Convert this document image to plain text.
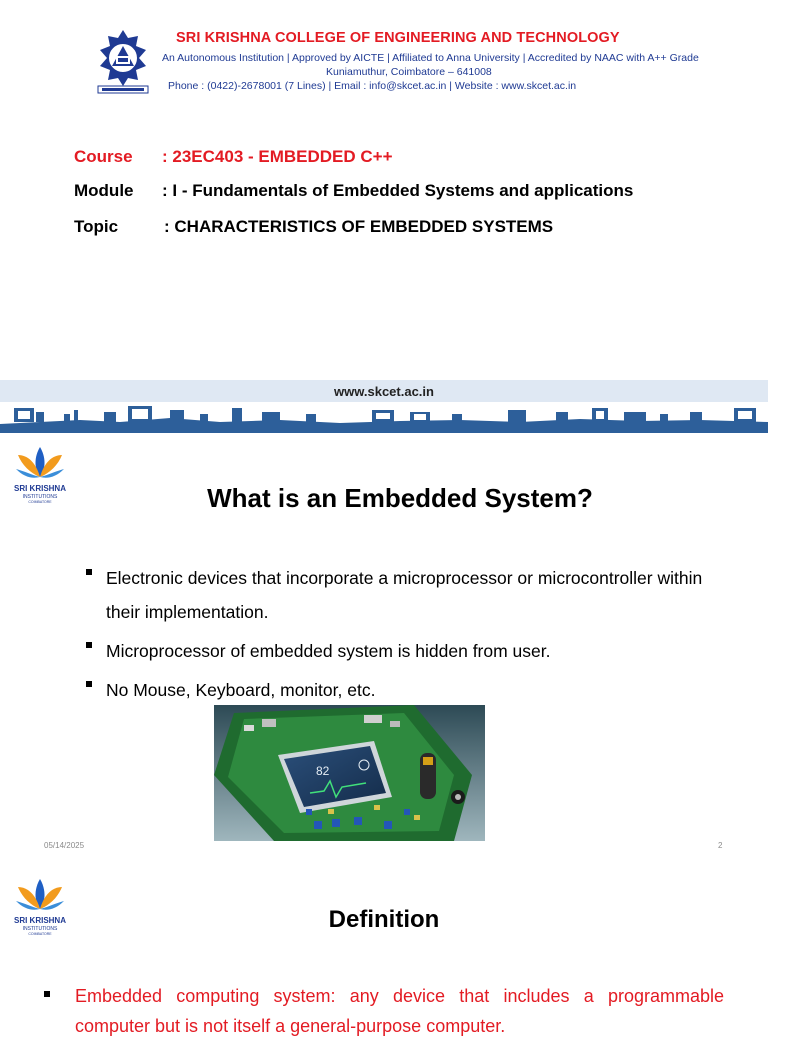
SRI KRISHNA COLLEGE OF ENGINEERING AND TECHNOLOGY
An Autonomous Institution | Approved by AICTE | Affiliated to Anna University | Accredited by NAAC with A++ Grade
Kuniamuthur, Coimbatore – 641008
Phone : (0422)-2678001 (7 Lines) | Email : info@skcet.ac.in | Website : www.skcet.ac.in
Course : 23EC403 - EMBEDDED C++
Module : I - Fundamentals of Embedded Systems and applications
Topic	: CHARACTERISTICS OF EMBEDDED SYSTEMS
www.skcet.ac.in
SRI KRISHNA
INSTITUTIONS
COIMBATORE	What is an Embedded System?
Electronic devices that incorporate a microprocessor or microcontroller within their implementation.
Microprocessor of embedded system is hidden from user.
No Mouse, Keyboard, monitor, etc.
82
05/14/2025	2
SRI KRISHNA
INSTITUTIONS
COIMBATORE
Definition
Embedded computing system: any device that includes a programmable computer but is not itself a general-purpose computer.
